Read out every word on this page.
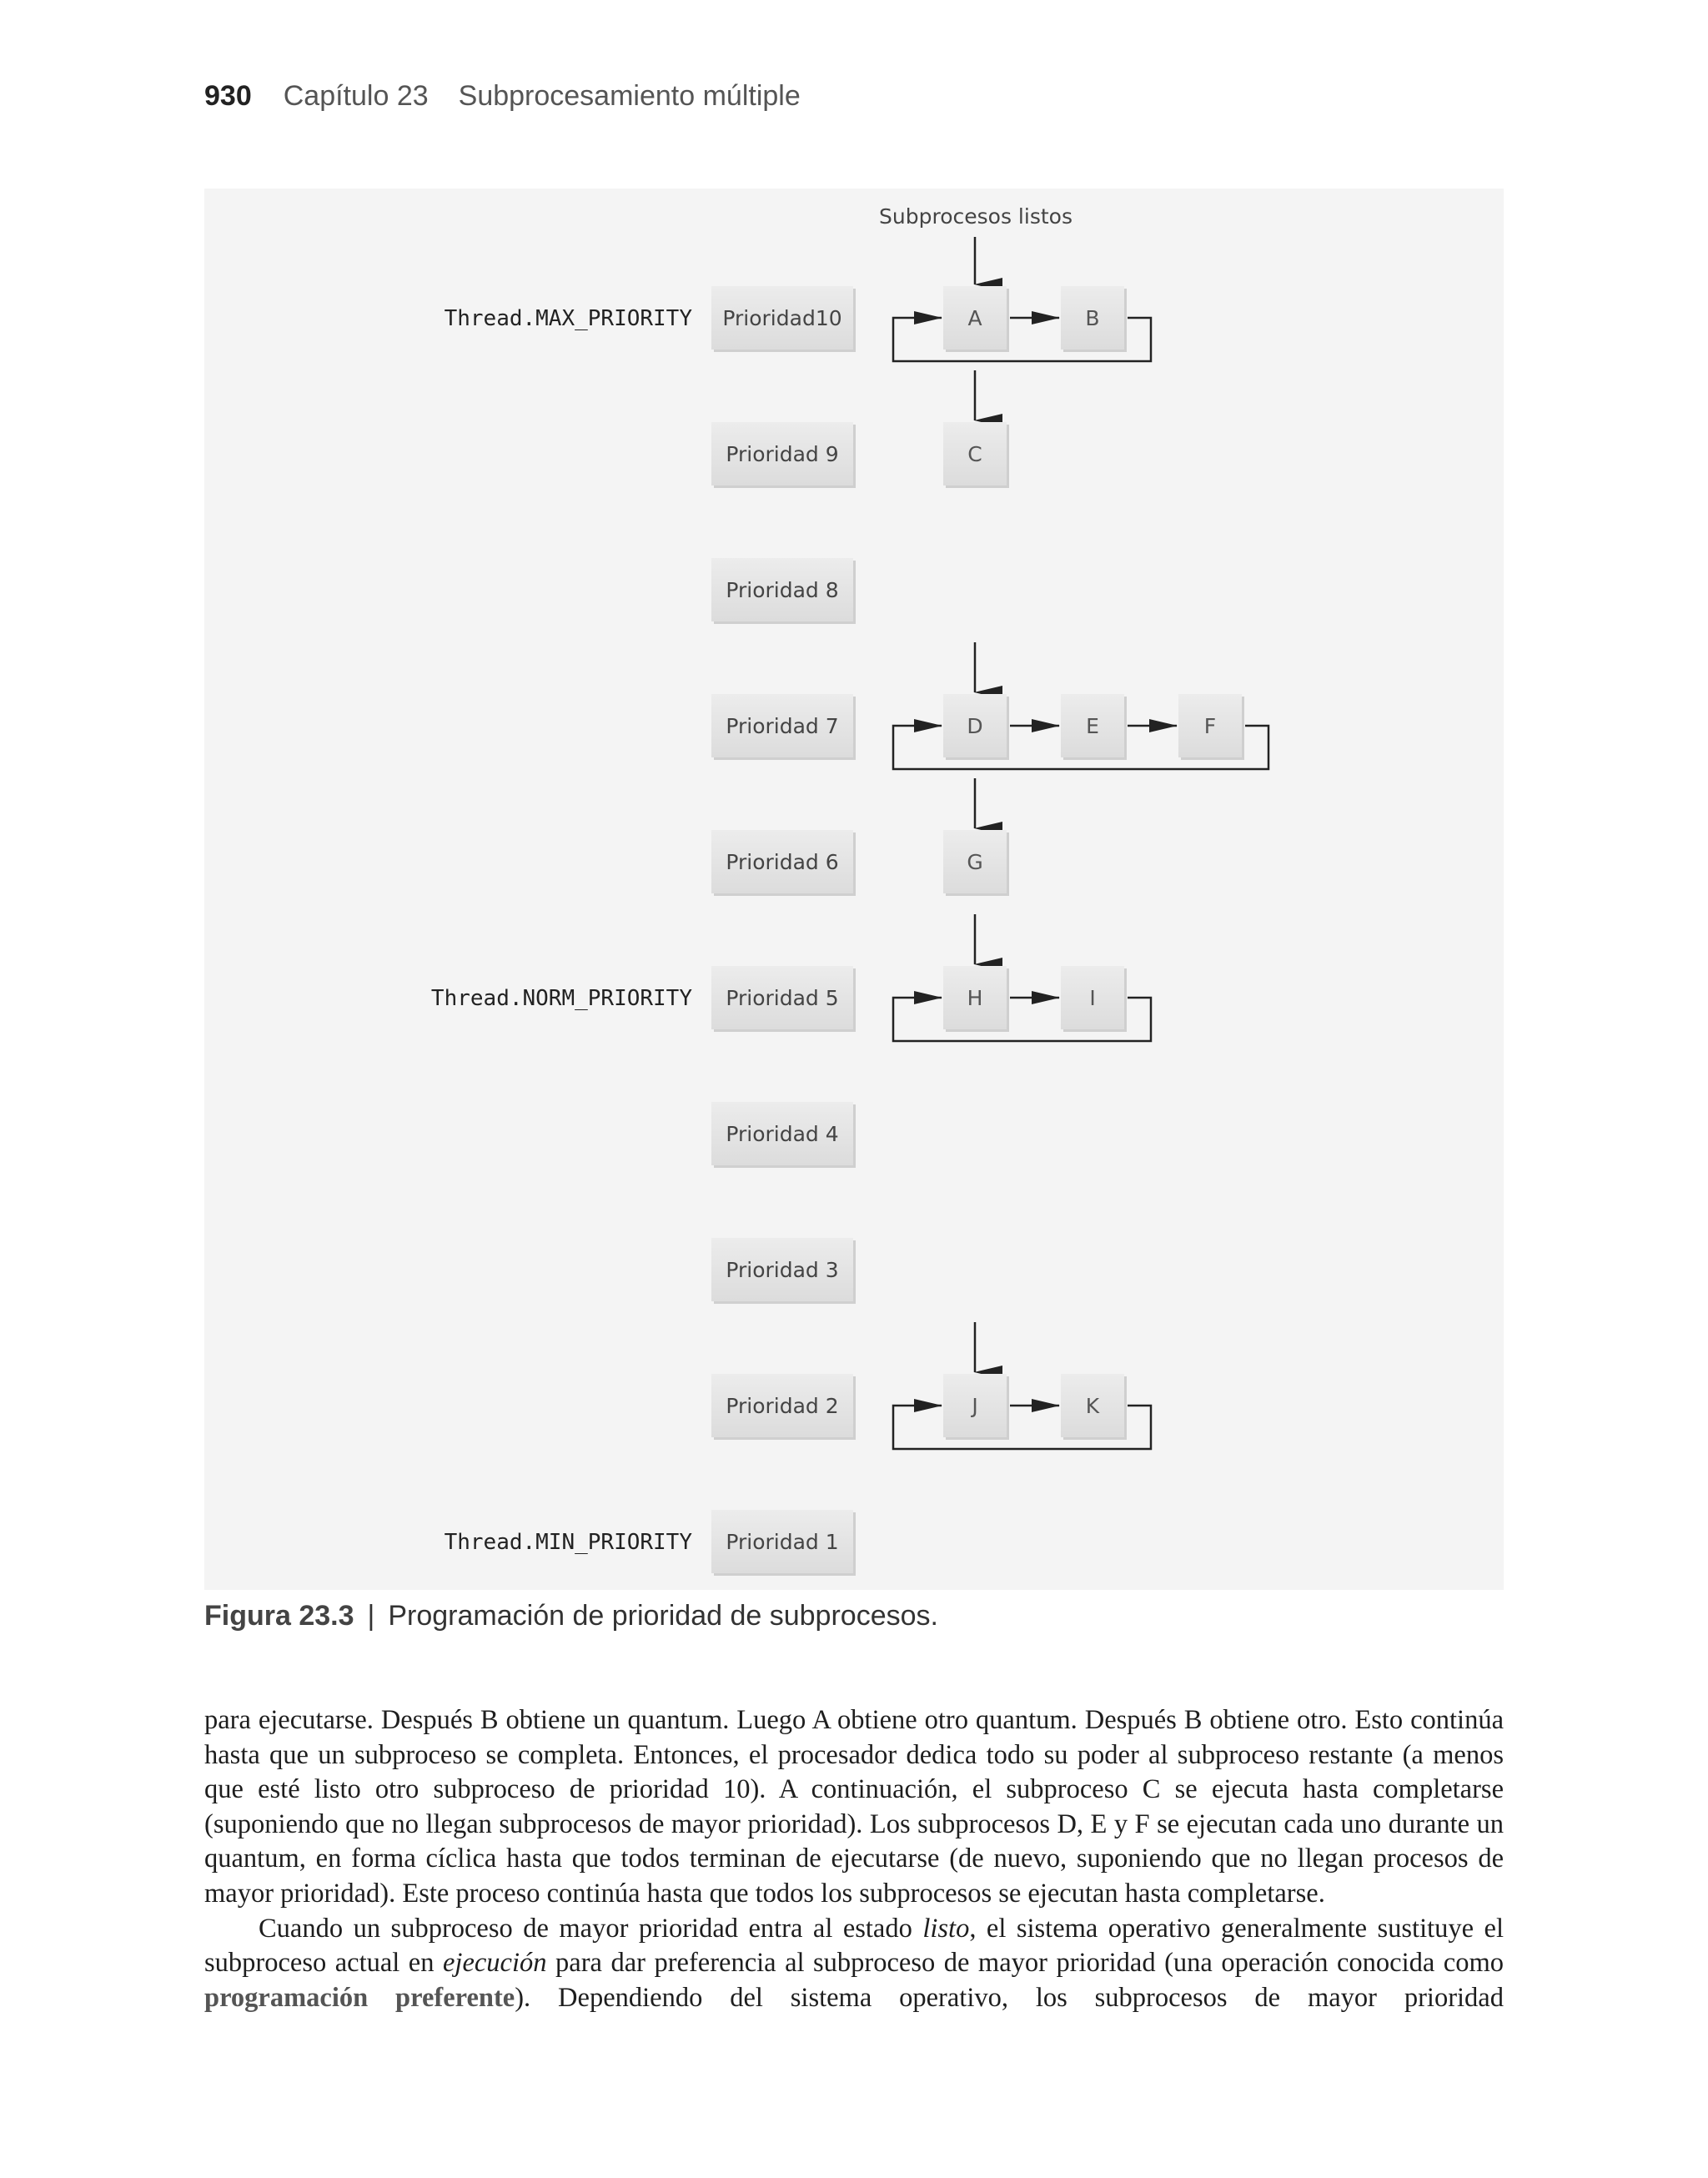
930 Capítulo 23 Subprocesamiento múltiple
Subprocesos listos
Prioridad10
Thread.MAX_PRIORITY	A	B
Prioridad 9	C
Prioridad 8
Prioridad 7	D	E	F
Prioridad 6	G
Prioridad 5
Thread.NORM_PRIORITY	H	I
Prioridad 4
Prioridad 3
Prioridad 2	J	K
Prioridad 1
Thread.MIN_PRIORITY
Figura 23.3 | Programación de prioridad de subprocesos.

para ejecutarse. Después B obtiene un quantum. Luego A obtiene otro quantum. Después B obtiene otro. Esto continúa hasta que un subproceso se completa. Entonces, el procesador dedica todo su poder al subproceso restante (a menos que esté listo otro subproceso de prioridad 10). A continuación, el subproceso C se ejecuta hasta completarse (suponiendo que no llegan subprocesos de mayor prioridad). Los subprocesos D, E y F se ejecutan cada uno durante un quantum, en forma cíclica hasta que todos terminan de ejecutarse (de nuevo, suponiendo que no llegan procesos de mayor prioridad). Este proceso continúa hasta que todos los subprocesos se ejecutan hasta completarse.

Cuando un subproceso de mayor prioridad entra al estado listo, el sistema operativo generalmente sustituye el subproceso actual en ejecución para dar preferencia al subproceso de mayor prioridad (una operación conocida como programación preferente). Dependiendo del sistema operativo, los subprocesos de mayor prioridad
